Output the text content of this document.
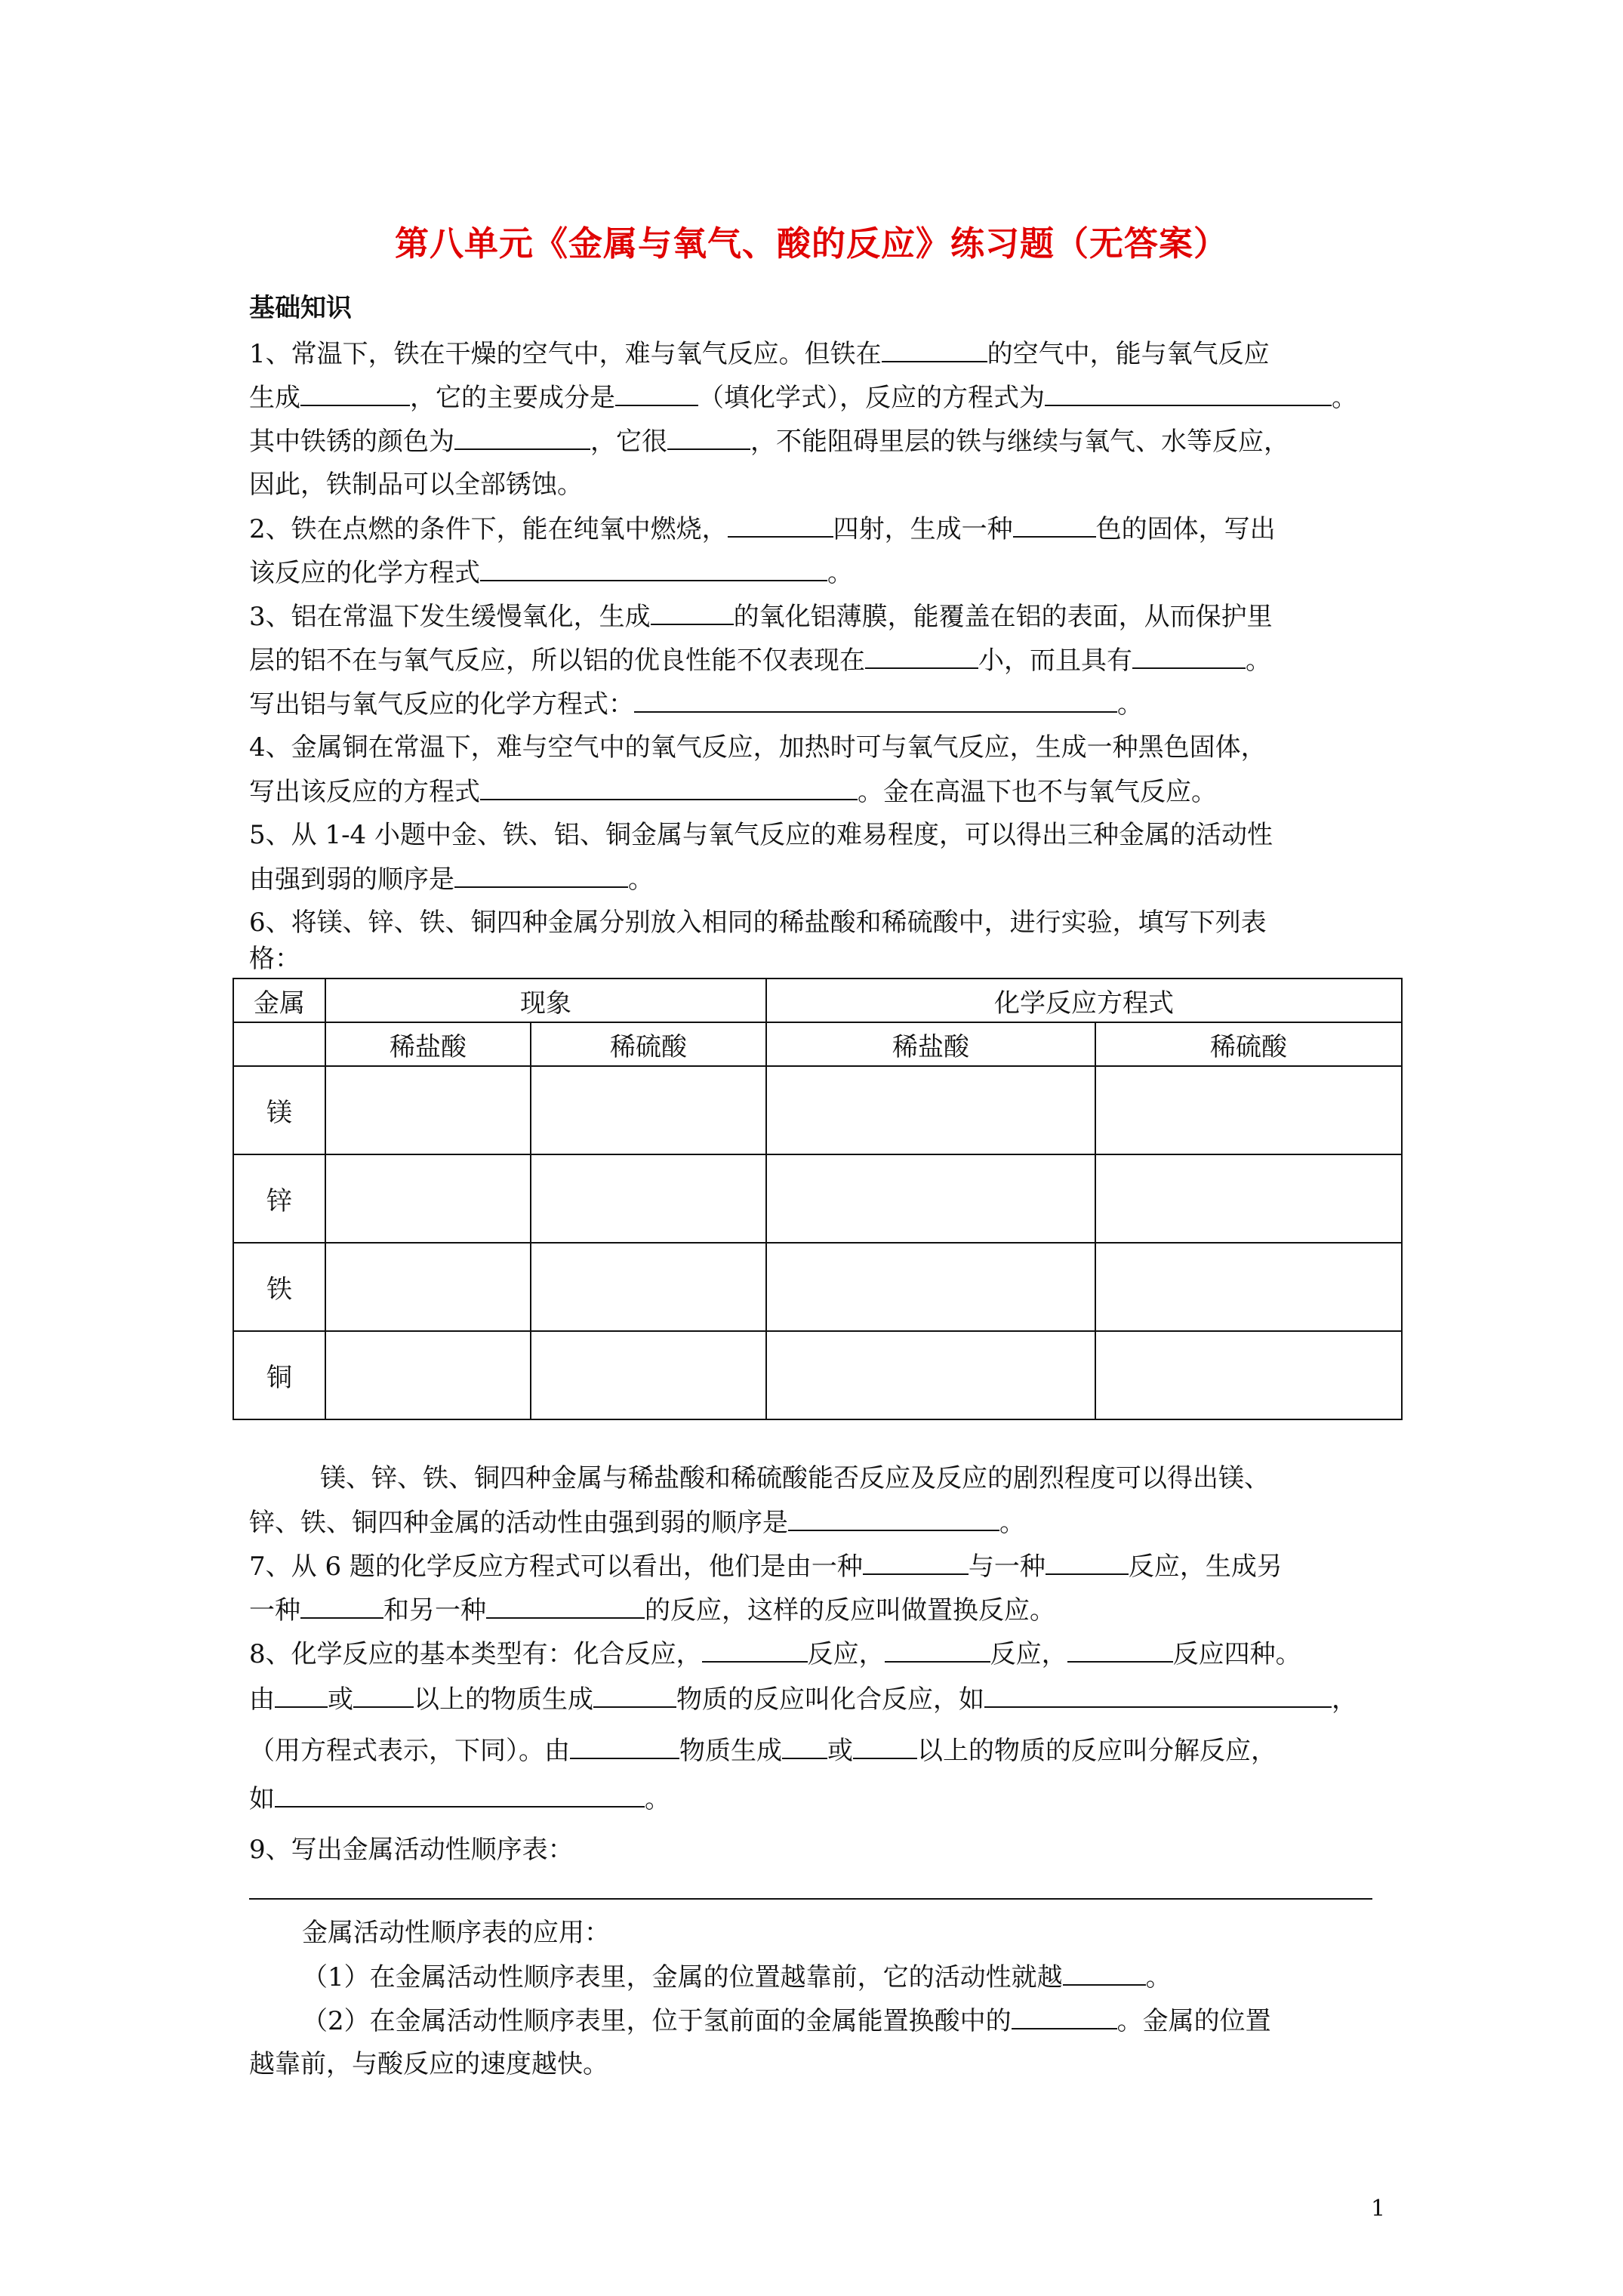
第八单元《金属与氧气、酸的反应》练习题（无答案）
基础知识
1、常温下，铁在干燥的空气中，难与氧气反应。但铁在	的空气中，能与氧气反应
生成	，它的主要成分是	（填化学式），反应的方程式为	。
其中铁锈的颜色为	，它很	，不能阻碍里层的铁与继续与氧气、水等反应，
因此，铁制品可以全部锈蚀。
2、铁在点燃的条件下，能在纯氧中燃烧，	四射，生成一种	色的固体，写出
该反应的化学方程式	。
3、铝在常温下发生缓慢氧化，生成	的氧化铝薄膜，能覆盖在铝的表面，从而保护里
层的铝不在与氧气反应，所以铝的优良性能不仅表现在	小，而且具有	。
写出铝与氧气反应的化学方程式：	。
4、金属铜在常温下，难与空气中的氧气反应，加热时可与氧气反应，生成一种黑色固体，
写出该反应的方程式	。金在高温下也不与氧气反应。
5、从 1-4 小题中金、铁、铝、铜金属与氧气反应的难易程度，可以得出三种金属的活动性
由强到弱的顺序是	。
6、将镁、锌、铁、铜四种金属分别放入相同的稀盐酸和稀硫酸中，进行实验，填写下列表
格：
金属	现象		化学反应方程式	
	稀盐酸	稀硫酸	稀盐酸	稀硫酸
镁				
锌				
铁				
铜				
镁、锌、铁、铜四种金属与稀盐酸和稀硫酸能否反应及反应的剧烈程度可以得出镁、
锌、铁、铜四种金属的活动性由强到弱的顺序是	。
7、从 6 题的化学反应方程式可以看出，他们是由一种	与一种	反应，生成另
一种	和另一种	的反应，这样的反应叫做置换反应。
8、化学反应的基本类型有：化合反应，	反应，	反应，	反应四种。
由 或 以上的物质生成	物质的反应叫化合反应，如	，
（用方程式表示，下同）。由	物质生成 或	以上的物质的反应叫分解反应，
如	。
9、写出金属活动性顺序表：
金属活动性顺序表的应用：
（1）在金属活动性顺序表里，金属的位置越靠前，它的活动性就越	。
（2）在金属活动性顺序表里，位于氢前面的金属能置换酸中的	。金属的位置
越靠前，与酸反应的速度越快。
1
